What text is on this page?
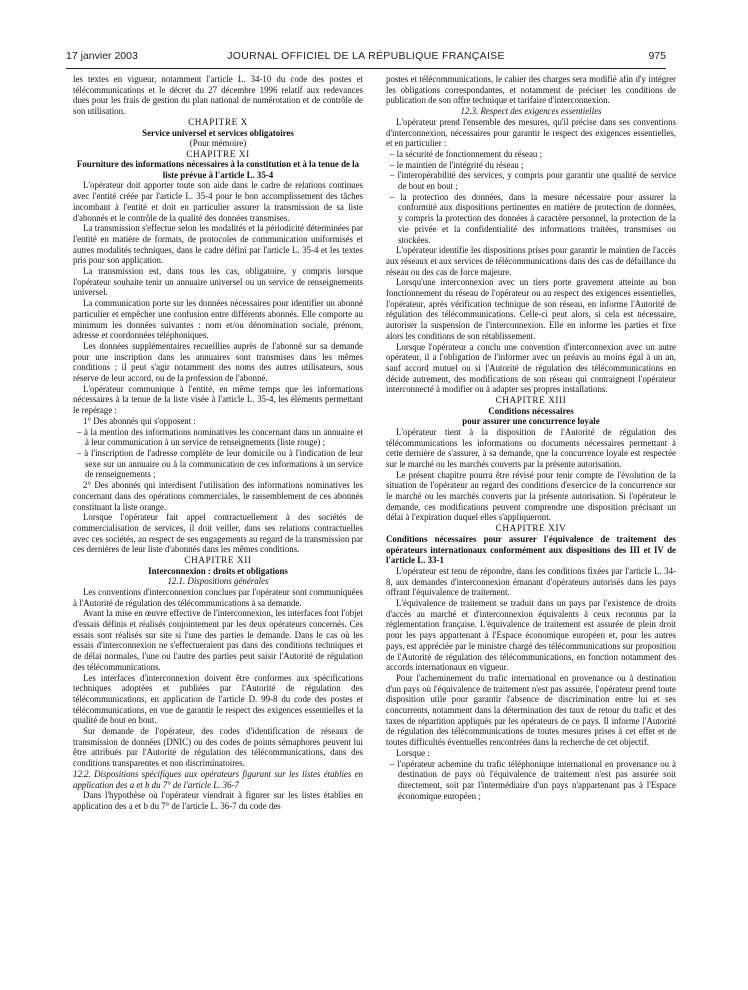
17 janvier 2003	JOURNAL OFFICIEL DE LA RÉPUBLIQUE FRANÇAISE	975

les textes en vigueur, notamment l'article L. 34-10 du code des postes et télécommunications et le décret du 27 décembre 1996 relatif aux redevances dues pour les frais de gestion du plan national de numérotation et de contrôle de son utilisation.

CHAPITRE X

Service universel et services obligatoires

(Pour mémoire)

CHAPITRE XI

Fourniture des informations nécessaires à la constitution et à la tenue de la liste prévue à l'article L. 35-4

L'opérateur doit apporter toute son aide dans le cadre de relations continues avec l'entité créée par l'article L. 35-4 pour le bon accomplissement des tâches incombant à l'entité et doit en particulier assurer la transmission de sa liste d'abonnés et le contrôle de la qualité des données transmises.

La transmission s'effectue selon les modalités et la périodicité déterminées par l'entité en matière de formats, de protocoles de communication uniformisés et autres modalités techniques, dans le cadre défini par l'article L. 35-4 et les textes pris pour son application.

La transmission est, dans tous les cas, obligatoire, y compris lorsque l'opérateur souhaite tenir un annuaire universel ou un service de renseignements universel.

La communication porte sur les données nécessaires pour identifier un abonné particulier et empêcher une confusion entre différents abonnés. Elle comporte au minimum les données suivantes : nom et/ou dénomination sociale, prénom, adresse et coordonnées téléphoniques.

Les données supplémentaires recueillies auprès de l'abonné sur sa demande pour une inscription dans les annuaires sont transmises dans les mêmes conditions ; il peut s'agir notamment des noms des autres utilisateurs, sous réserve de leur accord, ou de la profession de l'abonné.

L'opérateur communique à l'entité, en même temps que les informations nécessaires à la tenue de la liste visée à l'article L. 35-4, les éléments permettant le repérage :

1° Des abonnés qui s'opposent :

– à la mention des informations nominatives les concernant dans un annuaire et à leur communication à un service de renseignements (liste rouge) ;

– à l'inscription de l'adresse complète de leur domicile ou à l'indication de leur sexe sur un annuaire ou à la communication de ces informations à un service de renseignements ;

2° Des abonnés qui interdisent l'utilisation des informations nominatives les concernant dans des opérations commerciales, le rassemblement de ces abonnés constituant la liste orange.

Lorsque l'opérateur fait appel contractuellement à des sociétés de commercialisation de services, il doit veiller, dans ses relations contractuelles avec ces sociétés, au respect de ses engagements au regard de la transmission par ces dernières de leur liste d'abonnés dans les mêmes conditions.

CHAPITRE XII

Interconnexion : droits et obligations

12.1. Dispositions générales

Les conventions d'interconnexion conclues par l'opérateur sont communiquées à l'Autorité de régulation des télécommunications à sa demande.

Avant la mise en œuvre effective de l'interconnexion, les interfaces font l'objet d'essais définis et réalisés conjointement par les deux opérateurs concernés. Ces essais sont réalisés sur site si l'une des parties le demande. Dans le cas où les essais d'interconnexion ne s'effectueraient pas dans des conditions techniques et de délai normales, l'une ou l'autre des parties peut saisir l'Autorité de régulation des télécommunications.

Les interfaces d'interconnexion doivent être conformes aux spécifications techniques adoptées et publiées par l'Autorité de régulation des télécommunications, en application de l'article D. 99-8 du code des postes et télécommunications, en vue de garantir le respect des exigences essentielles et la qualité de bout en bout.

Sur demande de l'opérateur, des codes d'identification de réseaux de transmission de données (DNIC) ou des codes de points sémaphores peuvent lui être attribués par l'Autorité de régulation des télécommunications, dans des conditions transparentes et non discriminatoires.

12.2. Dispositions spécifiques aux opérateurs figurant sur les listes établies en application des a et b du 7° de l'article L. 36-7

Dans l'hypothèse où l'opérateur viendrait à figurer sur les listes établies en application des a et b du 7° de l'article L. 36-7 du code des

postes et télécommunications, le cahier des charges sera modifié afin d'y intégrer les obligations correspondantes, et notamment de préciser les conditions de publication de son offre technique et tarifaire d'interconnexion.

12.3. Respect des exigences essentielles

L'opérateur prend l'ensemble des mesures, qu'il précise dans ses conventions d'interconnexion, nécessaires pour garantir le respect des exigences essentielles, et en particulier :

– la sécurité de fonctionnement du réseau ;

– le maintien de l'intégrité du réseau ;

– l'interopérabilité des services, y compris pour garantir une qualité de service de bout en bout ;

– la protection des données, dans la mesure nécessaire pour assurer la conformité aux dispositions pertinentes en matière de protection de données, y compris la protection des données à caractère personnel, la protection de la vie privée et la confidentialité des informations traitées, transmises ou stockées.

L'opérateur identifie les dispositions prises pour garantir le maintien de l'accès aux réseaux et aux services de télécommunications dans des cas de défaillance du réseau ou des cas de force majeure.

Lorsqu'une interconnexion avec un tiers porte gravement atteinte au bon fonctionnement du réseau de l'opérateur ou au respect des exigences essentielles, l'opérateur, après vérification technique de son réseau, en informe l'Autorité de régulation des télécommunications. Celle-ci peut alors, si cela est nécessaire, autoriser la suspension de l'interconnexion. Elle en informe les parties et fixe alors les conditions de son rétablissement.

Lorsque l'opérateur a conclu une convention d'interconnexion avec un autre opérateur, il a l'obligation de l'informer avec un préavis au moins égal à un an, sauf accord mutuel ou si l'Autorité de régulation des télécommunications en décide autrement, des modifications de son réseau qui contraignent l'opérateur interconnecté à modifier ou à adapter ses propres installations.

CHAPITRE XIII

Conditions nécessaires

pour assurer une concurrence loyale

L'opérateur tient à la disposition de l'Autorité de régulation des télécommunications les informations ou documents nécessaires permettant à cette dernière de s'assurer, à sa demande, que la concurrence loyale est respectée sur le marché ou les marchés couverts par la présente autorisation.

Le présent chapitre pourra être révisé pour tenir compte de l'évolution de la situation de l'opérateur au regard des conditions d'exercice de la concurrence sur le marché ou les marchés couverts par la présente autorisation. Si l'opérateur le demande, ces modifications peuvent comprendre une disposition précisant un délai à l'expiration duquel elles s'appliqueront.

CHAPITRE XIV

Conditions nécessaires pour assurer l'équivalence de traitement des opérateurs internationaux conformément aux dispositions des III et IV de l'article L. 33-1

L'opérateur est tenu de répondre, dans les conditions fixées par l'article L. 34-8, aux demandes d'interconnexion émanant d'opérateurs autorisés dans les pays offrant l'équivalence de traitement.

L'équivalence de traitement se traduit dans un pays par l'existence de droits d'accès au marché et d'interconnexion équivalents à ceux reconnus par la réglementation française. L'équivalence de traitement est assurée de plein droit pour les pays appartenant à l'Espace économique européen et, pour les autres pays, est appréciée par le ministre chargé des télécommunications sur proposition de l'Autorité de régulation des télécommunications, en fonction notamment des accords internationaux en vigueur.

Pour l'acheminement du trafic international en provenance ou à destination d'un pays où l'équivalence de traitement n'est pas assurée, l'opérateur prend toute disposition utile pour garantir l'absence de discrimination entre lui et ses concurrents, notamment dans la détermination des taux de retour du trafic et des taxes de répartition appliqués par les opérateurs de ce pays. Il informe l'Autorité de régulation des télécommunications de toutes mesures prises à cet effet et de toutes difficultés éventuelles rencontrées dans la recherche de cet objectif.

Lorsque :

– l'opérateur achemine du trafic téléphonique international en provenance ou à destination de pays où l'équivalence de traitement n'est pas assurée soit directement, soit par l'intermédiaire d'un pays n'appartenant pas à l'Espace économique européen ;
